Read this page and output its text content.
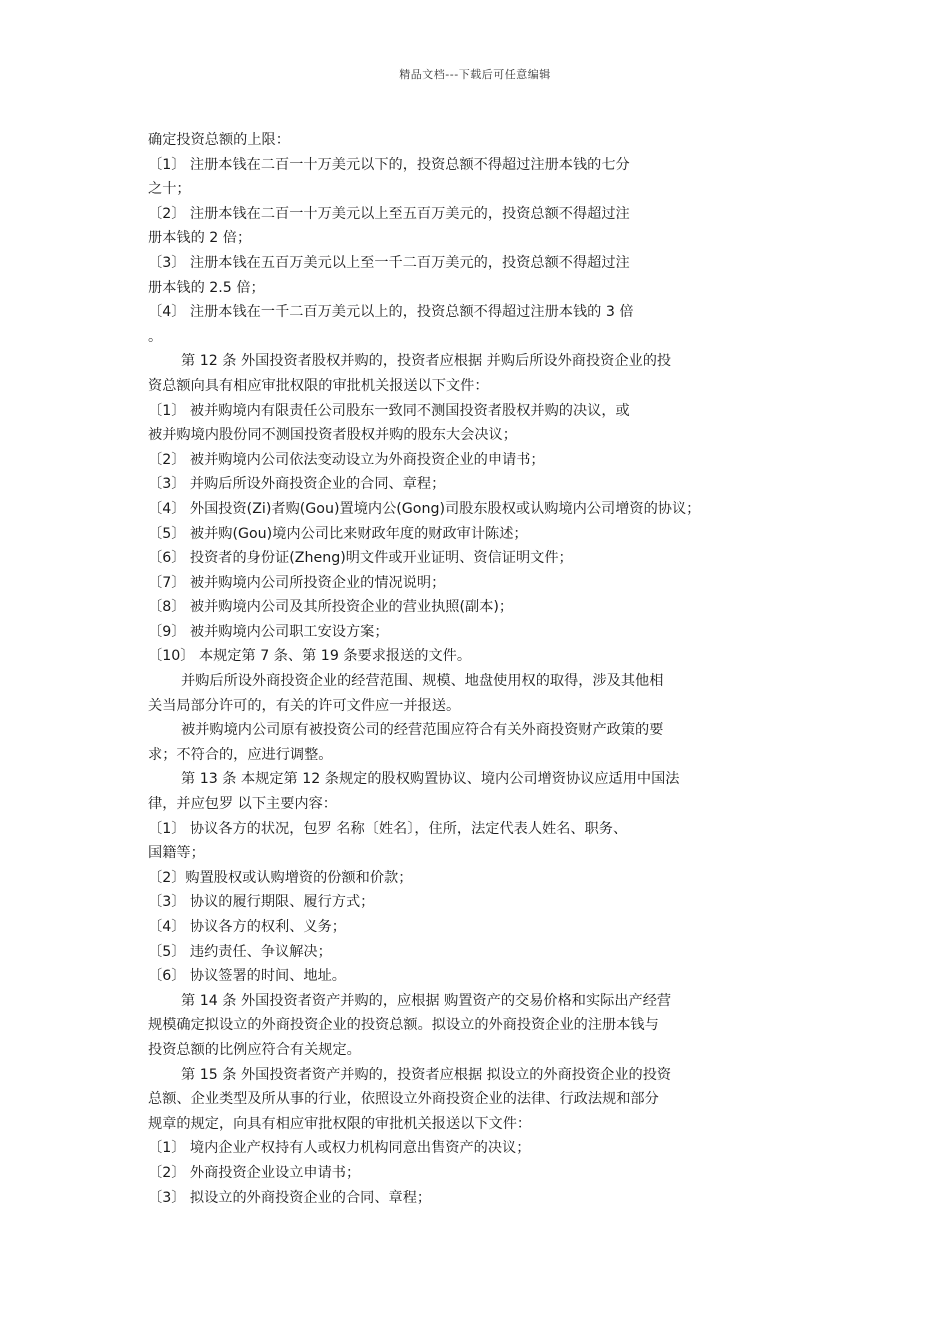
精品文档---下载后可任意编辑
确定投资总额的上限：
〔1〕 注册本钱在二百一十万美元以下的，投资总额不得超过注册本钱的七分
之十；
〔2〕 注册本钱在二百一十万美元以上至五百万美元的，投资总额不得超过注
册本钱的 2 倍；
〔3〕 注册本钱在五百万美元以上至一千二百万美元的，投资总额不得超过注
册本钱的 2.5 倍；
〔4〕 注册本钱在一千二百万美元以上的，投资总额不得超过注册本钱的 3 倍
。
第 12 条 外国投资者股权并购的，投资者应根据 并购后所设外商投资企业的投
资总额向具有相应审批权限的审批机关报送以下文件：
〔1〕 被并购境内有限责任公司股东一致同不测国投资者股权并购的决议，或
被并购境内股份同不测国投资者股权并购的股东大会决议；
〔2〕 被并购境内公司依法变动设立为外商投资企业的申请书；
〔3〕 并购后所设外商投资企业的合同、章程；
〔4〕 外国投资(Zi)者购(Gou)置境内公(Gong)司股东股权或认购境内公司增资的协议；
〔5〕 被并购(Gou)境内公司比来财政年度的财政审计陈述；
〔6〕 投资者的身份证(Zheng)明文件或开业证明、资信证明文件；
〔7〕 被并购境内公司所投资企业的情况说明；
〔8〕 被并购境内公司及其所投资企业的营业执照(副本)；
〔9〕 被并购境内公司职工安设方案；
〔10〕 本规定第 7 条、第 19 条要求报送的文件。
并购后所设外商投资企业的经营范围、规模、地盘使用权的取得，涉及其他相
关当局部分许可的，有关的许可文件应一并报送。
被并购境内公司原有被投资公司的经营范围应符合有关外商投资财产政策的要
求；不符合的，应进行调整。
第 13 条 本规定第 12 条规定的股权购置协议、境内公司增资协议应适用中国法
律，并应包罗 以下主要内容：
〔1〕 协议各方的状况，包罗 名称〔姓名〕，住所，法定代表人姓名、职务、
国籍等；
〔2〕购置股权或认购增资的份额和价款；
〔3〕 协议的履行期限、履行方式；
〔4〕 协议各方的权利、义务；
〔5〕 违约责任、争议解决；
〔6〕 协议签署的时间、地址。
第 14 条 外国投资者资产并购的，应根据 购置资产的交易价格和实际出产经营
规模确定拟设立的外商投资企业的投资总额。拟设立的外商投资企业的注册本钱与
投资总额的比例应符合有关规定。
第 15 条 外国投资者资产并购的，投资者应根据 拟设立的外商投资企业的投资
总额、企业类型及所从事的行业，依照设立外商投资企业的法律、行政法规和部分
规章的规定，向具有相应审批权限的审批机关报送以下文件：
〔1〕 境内企业产权持有人或权力机构同意出售资产的决议；
〔2〕 外商投资企业设立申请书；
〔3〕 拟设立的外商投资企业的合同、章程；
